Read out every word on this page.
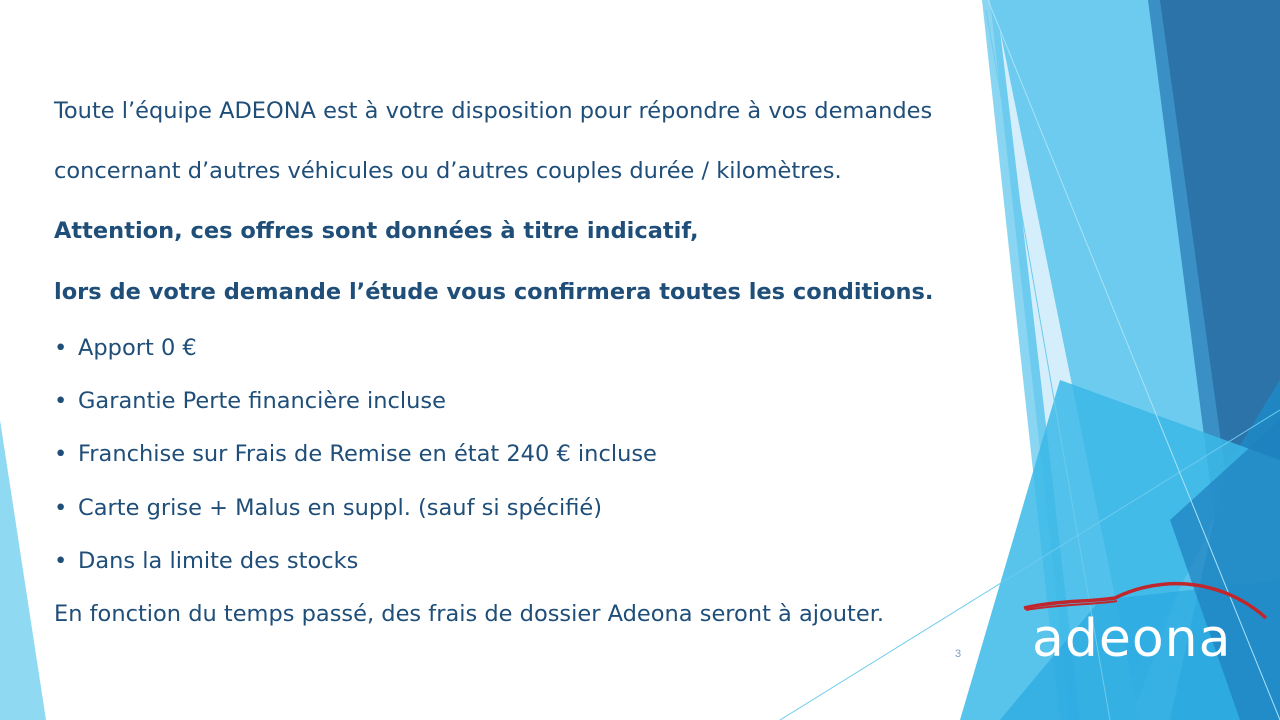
Toute l’équipe ADEONA est à votre disposition pour répondre à vos demandes
concernant d’autres véhicules ou d’autres couples durée / kilomètres.
Attention, ces offres sont données à titre indicatif,
lors de votre demande l’étude vous confirmera toutes les conditions.
• Apport 0 €
• Garantie Perte financière incluse
• Franchise sur Frais de Remise en état 240 € incluse
• Carte grise + Malus en suppl. (sauf si spécifié)
• Dans la limite des stocks
En fonction du temps passé, des frais de dossier Adeona seront à ajouter.
3 adeona
